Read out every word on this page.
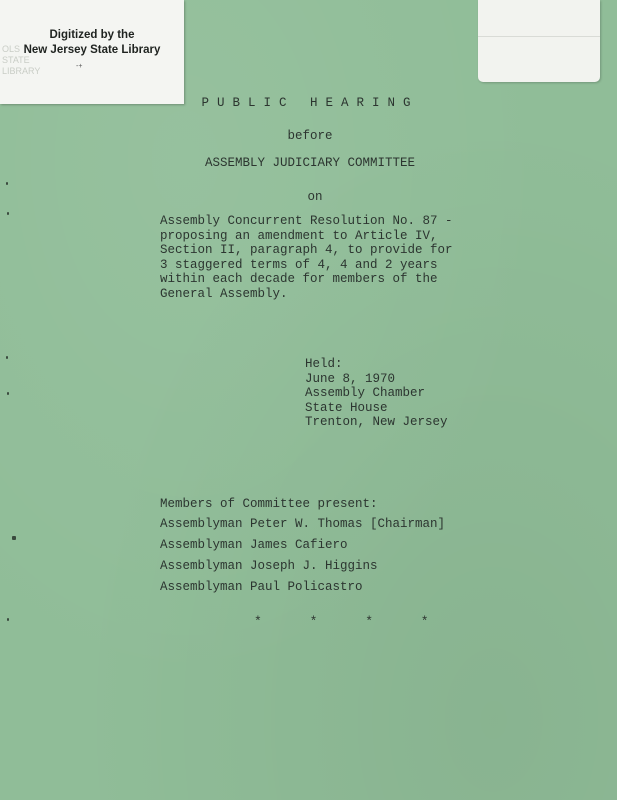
OLS
STATE
LIBRARY
Digitized by the
New Jersey State Library
-+
PUBLIC HEARING
before
ASSEMBLY JUDICIARY COMMITTEE
on
Assembly Concurrent Resolution No. 87 -
proposing an amendment to Article IV,
Section II, paragraph 4, to provide for
3 staggered terms of 4, 4 and 2 years
within each decade for members of the
General Assembly.
Held:
June 8, 1970
Assembly Chamber
State House
Trenton, New Jersey
Members of Committee present:
Assemblyman Peter W. Thomas [Chairman]
Assemblyman James Cafiero
Assemblyman Joseph J. Higgins
Assemblyman Paul Policastro
* * * *
